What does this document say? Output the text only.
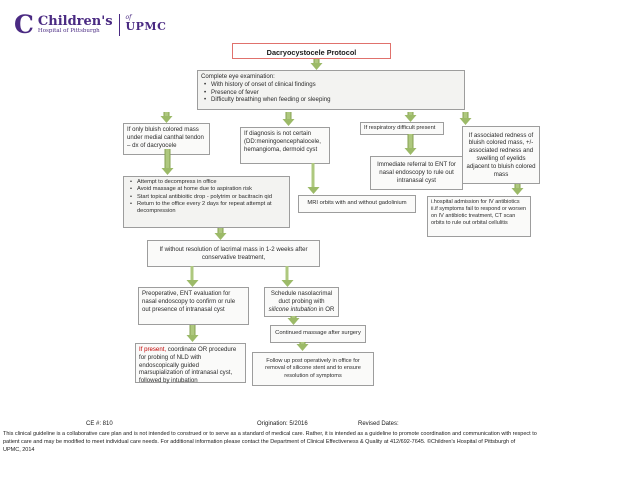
C Children's
Hospital of Pittsburgh
of
UPMC
Dacryocystocele Protocol
Complete eye examination:
• With history of onset of clinical findings
• Presence of fever
• Difficulty breathing when feeding or sleeping
If only bluish colored mass under medial canthal tendon – dx of dacryocele
If diagnosis is not certain (DD:meningoencephalocele, hemangioma, dermoid cyst
If respiratory difficult present
If associated redness of bluish colored mass, +/- associated redness and swelling of eyelids adjacent to bluish colored mass
• Attempt to decompress in office
• Avoid massage at home due to aspiration risk
• Start topical antibioitic drop - polytrim or bacitracin qid
• Return to the office every 2 days for repeat attempt at decompression
MRI orbits with and without gadolinium
Immediate referral to ENT for nasal endoscopy to rule out intranasal cyst
i.hospital admission for IV antibiotics ii.if symptoms fail to respond or worsen on IV antibiotic treatment, CT scan orbits to rule out orbital cellulitis
If without resolution of lacrimal mass in 1-2 weeks after conservative treatment,
Preoperative, ENT evaluation for nasal endoscopy to confirm or rule out presence of intranasal cyst
Schedule nasolacrimal duct probing with silicone intubation in OR
If present, coordinate OR procedure for probing of NLD with endoscopically guided marsupialization of intranasal cyst, followed by intubation
Continued massage after surgery
Follow up post operatively in office for removal of silicone stent and to ensure resolution of symptoms
CE #: 810	Origination: 5/2016	Revised Dates:
This clinical guideline is a collaborative care plan and is not intended to construed or to serve as a standard of medical care. Rather, it is intended as a guideline to promote coordination and communication with respect to
patient care and may be modified to meet individual care needs. For additional information please contact the Department of Clinical Effectiveness & Quality at 412/692-7645. ©Children's Hospital of Pittsburgh of
UPMC, 2014
